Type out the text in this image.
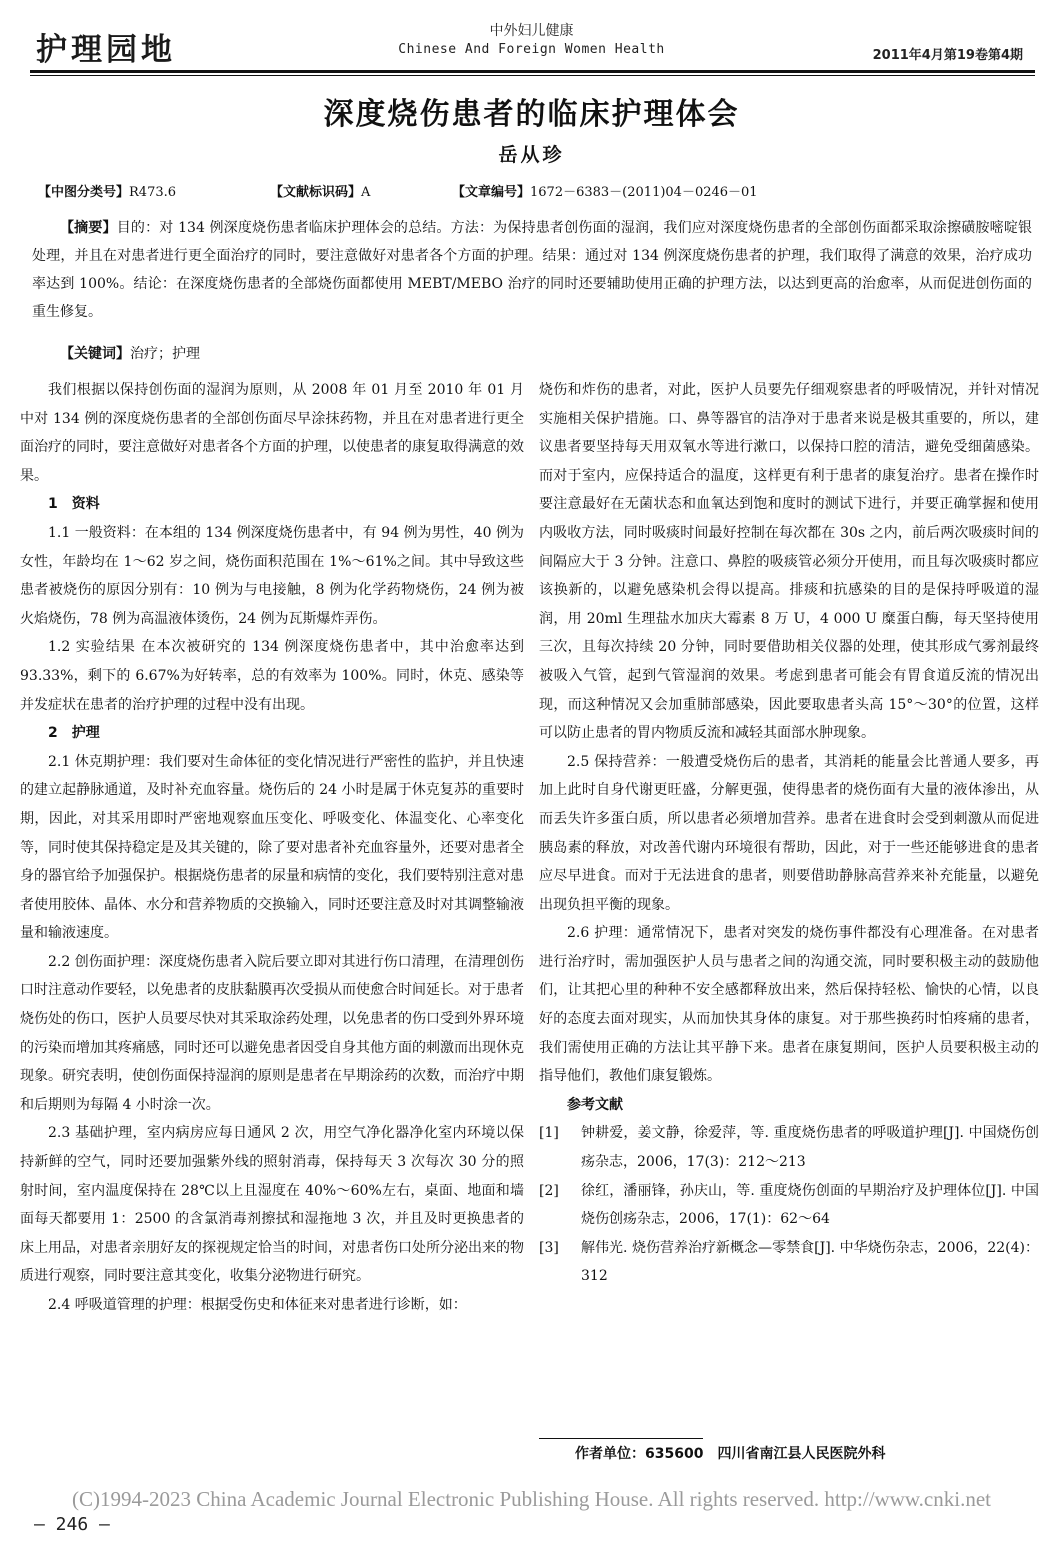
护理园地
中外妇儿健康
Chinese And Foreign Women Health	2011年4月第19卷第4期
深度烧伤患者的临床护理体会
岳从珍
【中图分类号】R473.6	【文献标识码】A	【文章编号】1672－6383－(2011)04－0246－01
【摘要】目的：对 134 例深度烧伤患者临床护理体会的总结。方法：为保持患者创伤面的湿润，我们应对深度烧伤患者的全部创伤面都采取涂擦磺胺嘧啶银处理，并且在对患者进行更全面治疗的同时，要注意做好对患者各个方面的护理。结果：通过对 134 例深度烧伤患者的护理，我们取得了满意的效果，治疗成功率达到 100%。结论：在深度烧伤患者的全部烧伤面都使用 MEBT/MEBO 治疗的同时还要辅助使用正确的护理方法，以达到更高的治愈率，从而促进创伤面的重生修复。
【关键词】治疗；护理

我们根据以保持创伤面的湿润为原则，从 2008 年 01 月至 2010 年 01 月中对 134 例的深度烧伤患者的全部创伤面尽早涂抹药物，并且在对患者进行更全面治疗的同时，要注意做好对患者各个方面的护理，以使患者的康复取得满意的效果。

1　资料

1.1 一般资料：在本组的 134 例深度烧伤患者中，有 94 例为男性，40 例为女性，年龄均在 1～62 岁之间，烧伤面积范围在 1%～61%之间。其中导致这些患者被烧伤的原因分别有：10 例为与电接触，8 例为化学药物烧伤，24 例为被火焰烧伤，78 例为高温液体烫伤，24 例为瓦斯爆炸弄伤。

1.2 实验结果 在本次被研究的 134 例深度烧伤患者中，其中治愈率达到 93.33%，剩下的 6.67%为好转率，总的有效率为 100%。同时，休克、感染等并发症状在患者的治疗护理的过程中没有出现。

2　护理

2.1 休克期护理：我们要对生命体征的变化情况进行严密性的监护，并且快速的建立起静脉通道，及时补充血容量。烧伤后的 24 小时是属于休克复苏的重要时期，因此，对其采用即时严密地观察血压变化、呼吸变化、体温变化、心率变化等，同时使其保持稳定是及其关键的，除了要对患者补充血容量外，还要对患者全身的器官给予加强保护。根据烧伤患者的尿量和病情的变化，我们要特别注意对患者使用胶体、晶体、水分和营养物质的交换输入，同时还要注意及时对其调整输液量和输液速度。

2.2 创伤面护理：深度烧伤患者入院后要立即对其进行伤口清理，在清理创伤口时注意动作要轻，以免患者的皮肤黏膜再次受损从而使愈合时间延长。对于患者烧伤处的伤口，医护人员要尽快对其采取涂药处理，以免患者的伤口受到外界环境的污染而增加其疼痛感，同时还可以避免患者因受自身其他方面的刺激而出现休克现象。研究表明，使创伤面保持湿润的原则是患者在早期涂药的次数，而治疗中期和后期则为每隔 4 小时涂一次。

2.3 基础护理，室内病房应每日通风 2 次，用空气净化器净化室内环境以保持新鲜的空气，同时还要加强紫外线的照射消毒，保持每天 3 次每次 30 分的照射时间，室内温度保持在 28℃以上且湿度在 40%～60%左右，桌面、地面和墙面每天都要用 1：2500 的含氯消毒剂擦拭和湿拖地 3 次，并且及时更换患者的床上用品，对患者亲朋好友的探视规定恰当的时间，对患者伤口处所分泌出来的物质进行观察，同时要注意其变化，收集分泌物进行研究。

2.4 呼吸道管理的护理：根据受伤史和体征来对患者进行诊断，如：

烧伤和炸伤的患者，对此，医护人员要先仔细观察患者的呼吸情况，并针对情况实施相关保护措施。口、鼻等器官的洁净对于患者来说是极其重要的，所以，建议患者要坚持每天用双氧水等进行漱口，以保持口腔的清洁，避免受细菌感染。而对于室内，应保持适合的温度，这样更有利于患者的康复治疗。患者在操作时要注意最好在无菌状态和血氧达到饱和度时的测试下进行，并要正确掌握和使用内吸收方法，同时吸痰时间最好控制在每次都在 30s 之内，前后两次吸痰时间的间隔应大于 3 分钟。注意口、鼻腔的吸痰管必须分开使用，而且每次吸痰时都应该换新的，以避免感染机会得以提高。排痰和抗感染的目的是保持呼吸道的湿润，用 20ml 生理盐水加庆大霉素 8 万 U，4 000 U 糜蛋白酶，每天坚持使用三次，且每次持续 20 分钟，同时要借助相关仪器的处理，使其形成气雾剂最终被吸入气管，起到气管湿润的效果。考虑到患者可能会有胃食道反流的情况出现，而这种情况又会加重肺部感染，因此要取患者头高 15°～30°的位置，这样可以防止患者的胃内物质反流和减轻其面部水肿现象。

2.5 保持营养：一般遭受烧伤后的患者，其消耗的能量会比普通人要多，再加上此时自身代谢更旺盛，分解更强，使得患者的烧伤面有大量的液体渗出，从而丢失许多蛋白质，所以患者必须增加营养。患者在进食时会受到刺激从而促进胰岛素的释放，对改善代谢内环境很有帮助，因此，对于一些还能够进食的患者应尽早进食。而对于无法进食的患者，则要借助静脉高营养来补充能量，以避免出现负担平衡的现象。

2.6 护理：通常情况下，患者对突发的烧伤事件都没有心理准备。在对患者进行治疗时，需加强医护人员与患者之间的沟通交流，同时要积极主动的鼓励他们，让其把心里的种种不安全感都释放出来，然后保持轻松、愉快的心情，以良好的态度去面对现实，从而加快其身体的康复。对于那些换药时怕疼痛的患者，我们需使用正确的方法让其平静下来。患者在康复期间，医护人员要积极主动的指导他们，教他们康复锻炼。

参考文献

[1]	钟耕爱，姜文静，徐爱萍，等. 重度烧伤患者的呼吸道护理[J]. 中国烧伤创疡杂志，2006，17(3)：212～213
[2]	徐红，潘丽锋，孙庆山，等. 重度烧伤创面的早期治疗及护理体位[J]. 中国烧伤创疡杂志，2006，17(1)：62～64
[3]	解伟光. 烧伤营养治疗新概念—零禁食[J]. 中华烧伤杂志，2006，22(4)：312
作者单位：635600　四川省南江县人民医院外科
(C)1994-2023 China Academic Journal Electronic Publishing House. All rights reserved. http://www.cnki.net
— 246 —
